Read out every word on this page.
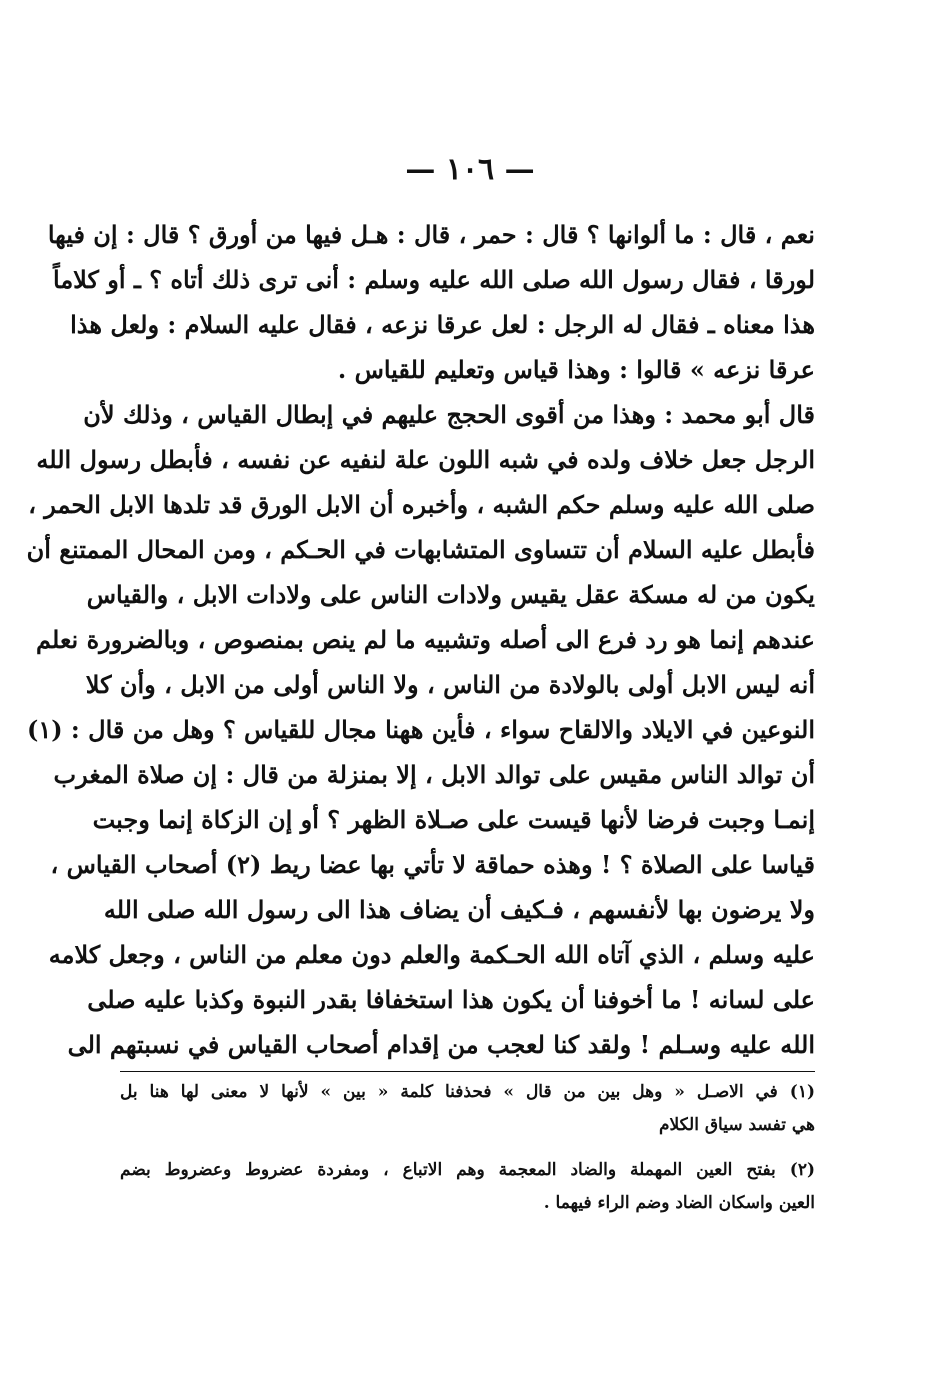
— ١٠٦ —
نعم ، قال : ما ألوانها ؟ قال : حمر ، قال : هـل فيها من أورق ؟ قال : إن فيها
لورقا ، فقال رسول الله صلى الله عليه وسلم : أنى ترى ذلك أتاه ؟ ـ أو كلاماً
هذا معناه ـ فقال له الرجل : لعل عرقا نزعه ، فقال عليه السلام : ولعل هذا
عرقا نزعه » قالوا : وهذا قياس وتعليم للقياس .
قال أبو محمد : وهذا من أقوى الحجج عليهم في إبطال القياس ، وذلك لأن
الرجل جعل خلاف ولده في شبه اللون علة لنفيه عن نفسه ، فأبطل رسول الله
صلى الله عليه وسلم حكم الشبه ، وأخبره أن الابل الورق قد تلدها الابل الحمر ،
فأبطل عليه السلام أن تتساوى المتشابهات في الحـكم ، ومن المحال الممتنع أن
يكون من له مسكة عقل يقيس ولادات الناس على ولادات الابل ، والقياس
عندهم إنما هو رد فرع الى أصله وتشبيه ما لم ينص بمنصوص ، وبالضرورة نعلم
أنه ليس الابل أولى بالولادة من الناس ، ولا الناس أولى من الابل ، وأن كلا
النوعين في الايلاد والالقاح سواء ، فأين ههنا مجال للقياس ؟ وهل من قال : (١)
أن توالد الناس مقيس على توالد الابل ، إلا بمنزلة من قال : إن صلاة المغرب
إنمـا وجبت فرضا لأنها قيست على صـلاة الظهر ؟ أو إن الزكاة إنما وجبت
قياسا على الصلاة ؟ ! وهذه حماقة لا تأتي بها عضا ريط (٢) أصحاب القياس ،
ولا يرضون بها لأنفسهم ، فـكيف أن يضاف هذا الى رسول الله صلى الله
عليه وسلم ، الذي آتاه الله الحـكمة والعلم دون معلم من الناس ، وجعل كلامه
على لسانه ! ما أخوفنا أن يكون هذا استخفافا بقدر النبوة وكذبا عليه صلى
الله عليه وسـلم ! ولقد كنا لعجب من إقدام أصحاب القياس في نسبتهم الى
(١) في الاصـل « وهل بين من قال » فحذفنا كلمة « بين » لأنها لا معنى لها هنا بل
هي تفسد سياق الكلام
(٢) بفتح العين المهملة والضاد المعجمة وهم الاتباع ، ومفردة عضروط وعضروط بضم
العين واسكان الضاد وضم الراء فيهما .
